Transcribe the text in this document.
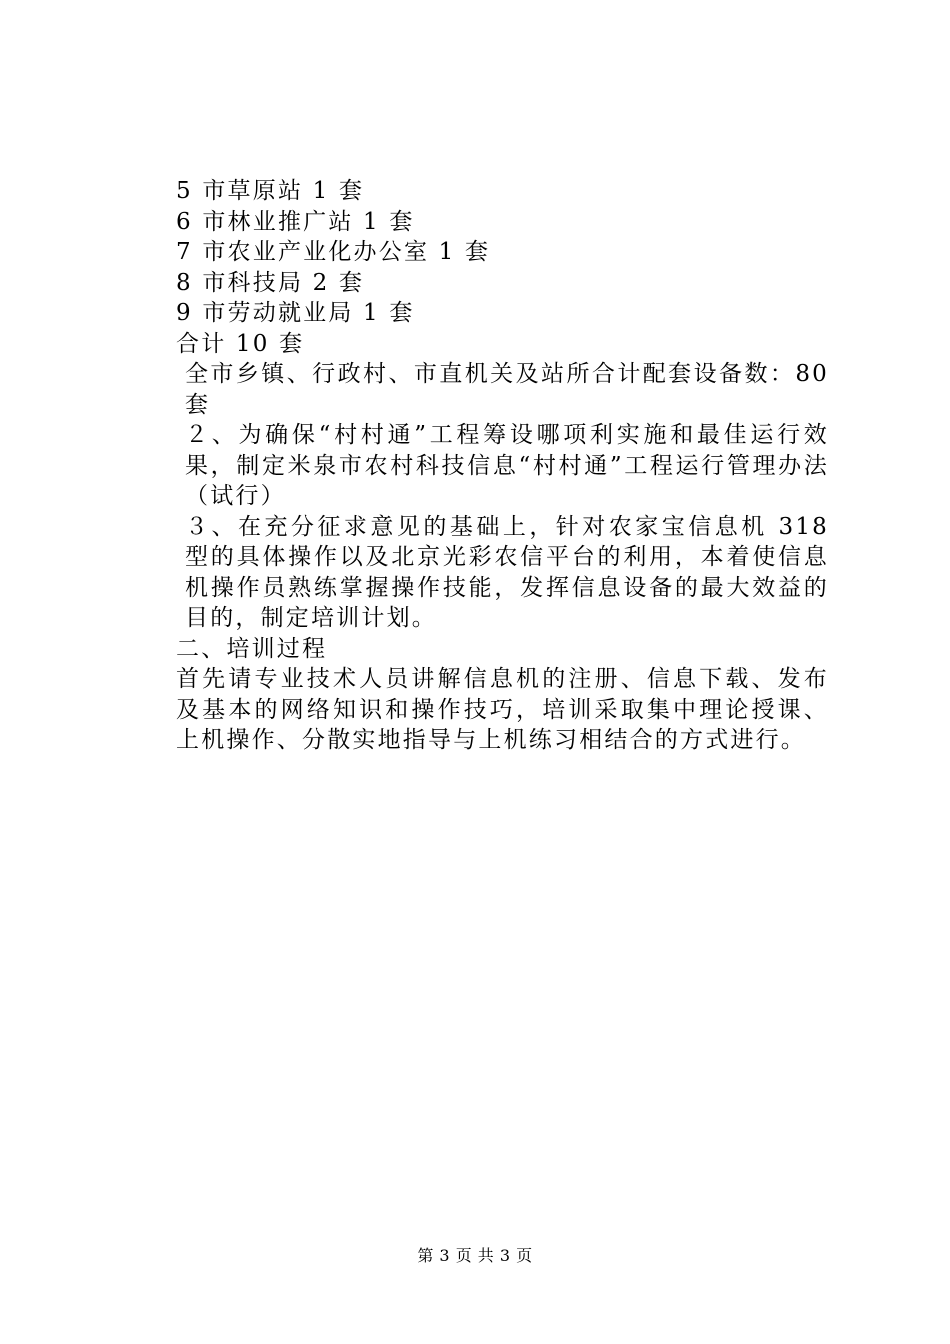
5 市草原站 1 套

6 市林业推广站 1 套

7 市农业产业化办公室 1 套

8 市科技局 2 套

9 市劳动就业局 1 套

合计 10 套

全市乡镇、行政村、市直机关及站所合计配套设备数：80 套

２、为确保“村村通”工程筹设哪项利实施和最佳运行效果，制定米泉市农村科技信息“村村通”工程运行管理办法（试行）

３、在充分征求意见的基础上，针对农家宝信息机 318 型的具体操作以及北京光彩农信平台的利用，本着使信息机操作员熟练掌握操作技能，发挥信息设备的最大效益的目的，制定培训计划。

二、培训过程

首先请专业技术人员讲解信息机的注册、信息下载、发布及基本的网络知识和操作技巧，培训采取集中理论授课、上机操作、分散实地指导与上机练习相结合的方式进行。

第 3 页 共 3 页
